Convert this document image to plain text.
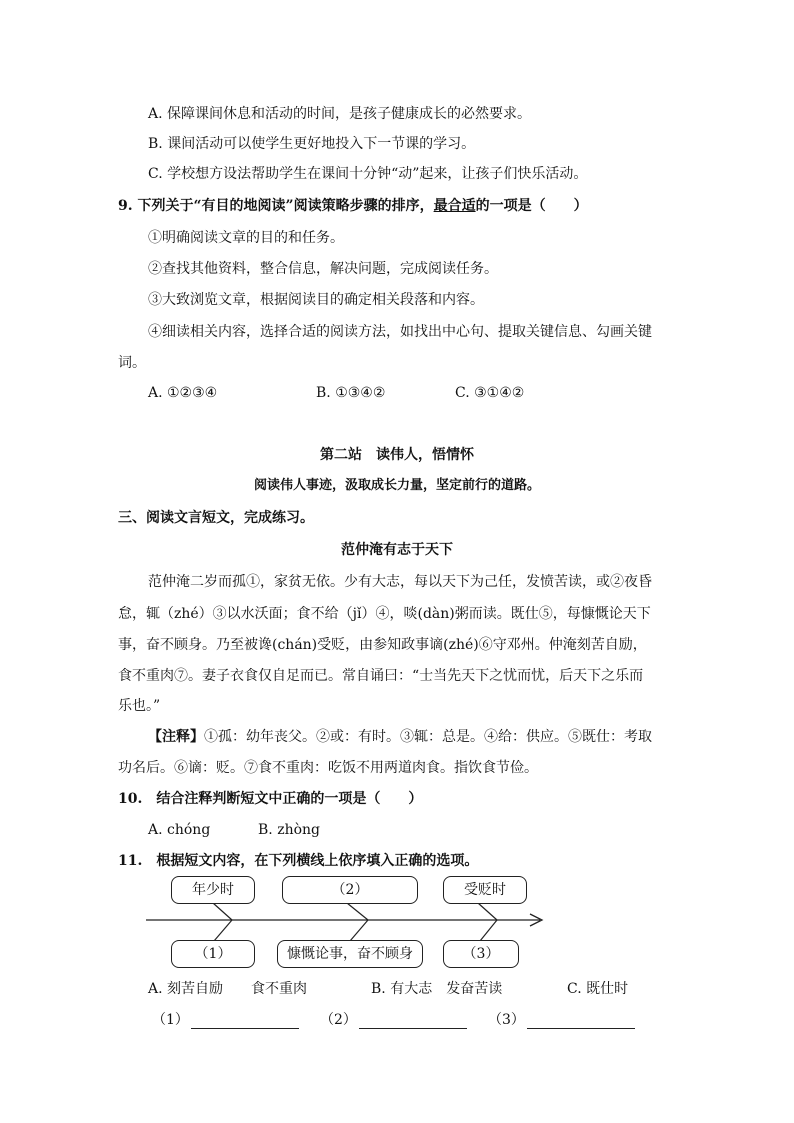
A. 保障课间休息和活动的时间，是孩子健康成长的必然要求。
B. 课间活动可以使学生更好地投入下一节课的学习。
C. 学校想方设法帮助学生在课间十分钟“动”起来，让孩子们快乐活动。
9. 下列关于“有目的地阅读”阅读策略步骤的排序，最合适的一项是（　　）
①明确阅读文章的目的和任务。
②查找其他资料，整合信息，解决问题，完成阅读任务。
③大致浏览文章，根据阅读目的确定相关段落和内容。
④细读相关内容，选择合适的阅读方法，如找出中心句、提取关键信息、勾画关键
词。
A. ①②③④	B. ①③④②	C. ③①④②
第二站　读伟人，悟情怀
阅读伟人事迹，汲取成长力量，坚定前行的道路。
三、阅读文言短文，完成练习。
范仲淹有志于天下
范仲淹二岁而孤①，家贫无依。少有大志，每以天下为己任，发愤苦读，或②夜昏
怠，辄（zhé）③以水沃面；食不给（jǐ）④，啖(dàn)粥而读。既仕⑤，每慷慨论天下
事，奋不顾身。乃至被谗(chán)受贬，由参知政事谪(zhé)⑥守邓州。仲淹刻苦自励，
食不重肉⑦。妻子衣食仅自足而已。常自诵曰：“士当先天下之忧而忧，后天下之乐而
乐也。”
【注释】①孤：幼年丧父。②或：有时。③辄：总是。④给：供应。⑤既仕：考取
功名后。⑥谪：贬。⑦食不重肉：吃饭不用两道肉食。指饮食节俭。
10.　结合注释判断短文中正确的一项是（　　）
A. chóng	B. zhòng
11.　根据短文内容，在下列横线上依序填入正确的选项。
年少时	（2）	受贬时
（1）	慷慨论事，奋不顾身	（3）
A. 刻苦自励　　食不重肉	B. 有大志　发奋苦读	C. 既仕时
（1）	（2）	（3）
